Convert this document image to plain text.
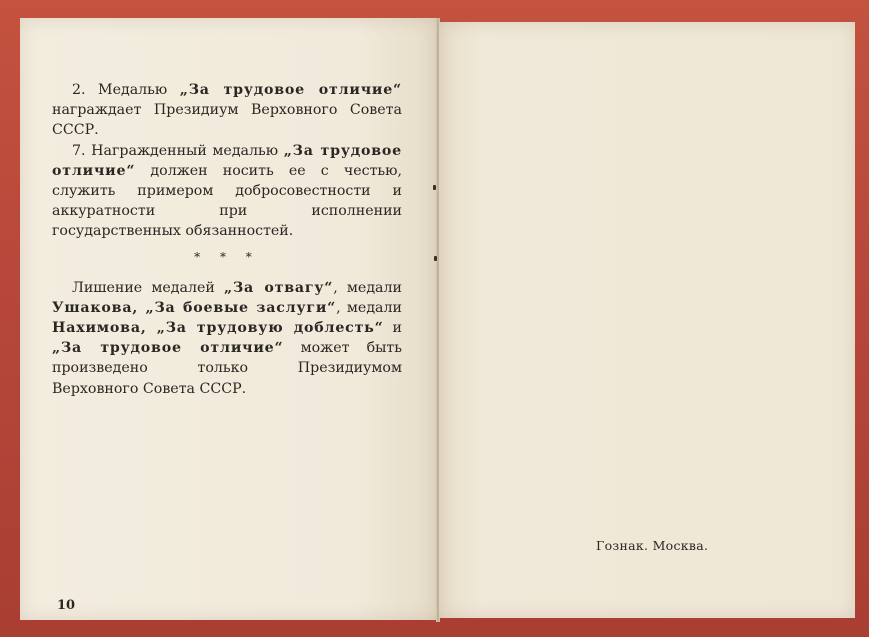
2. Медалью „За трудовое отличие“ награждает Президиум Верховного Совета СССР.

7. Награжденный медалью „За трудовое отличие“ должен носить ее с честью, служить примером добросовестности и аккуратности при исполнении государственных обязанностей.

* * *

Лишение медалей „За отвагу“, медали Ушакова, „За боевые заслуги“, медали Нахимова, „За трудовую доблесть“ и „За трудовое отличие“ может быть произведено только Президиумом Верховного Совета СССР.

10
Гознак. Москва.
